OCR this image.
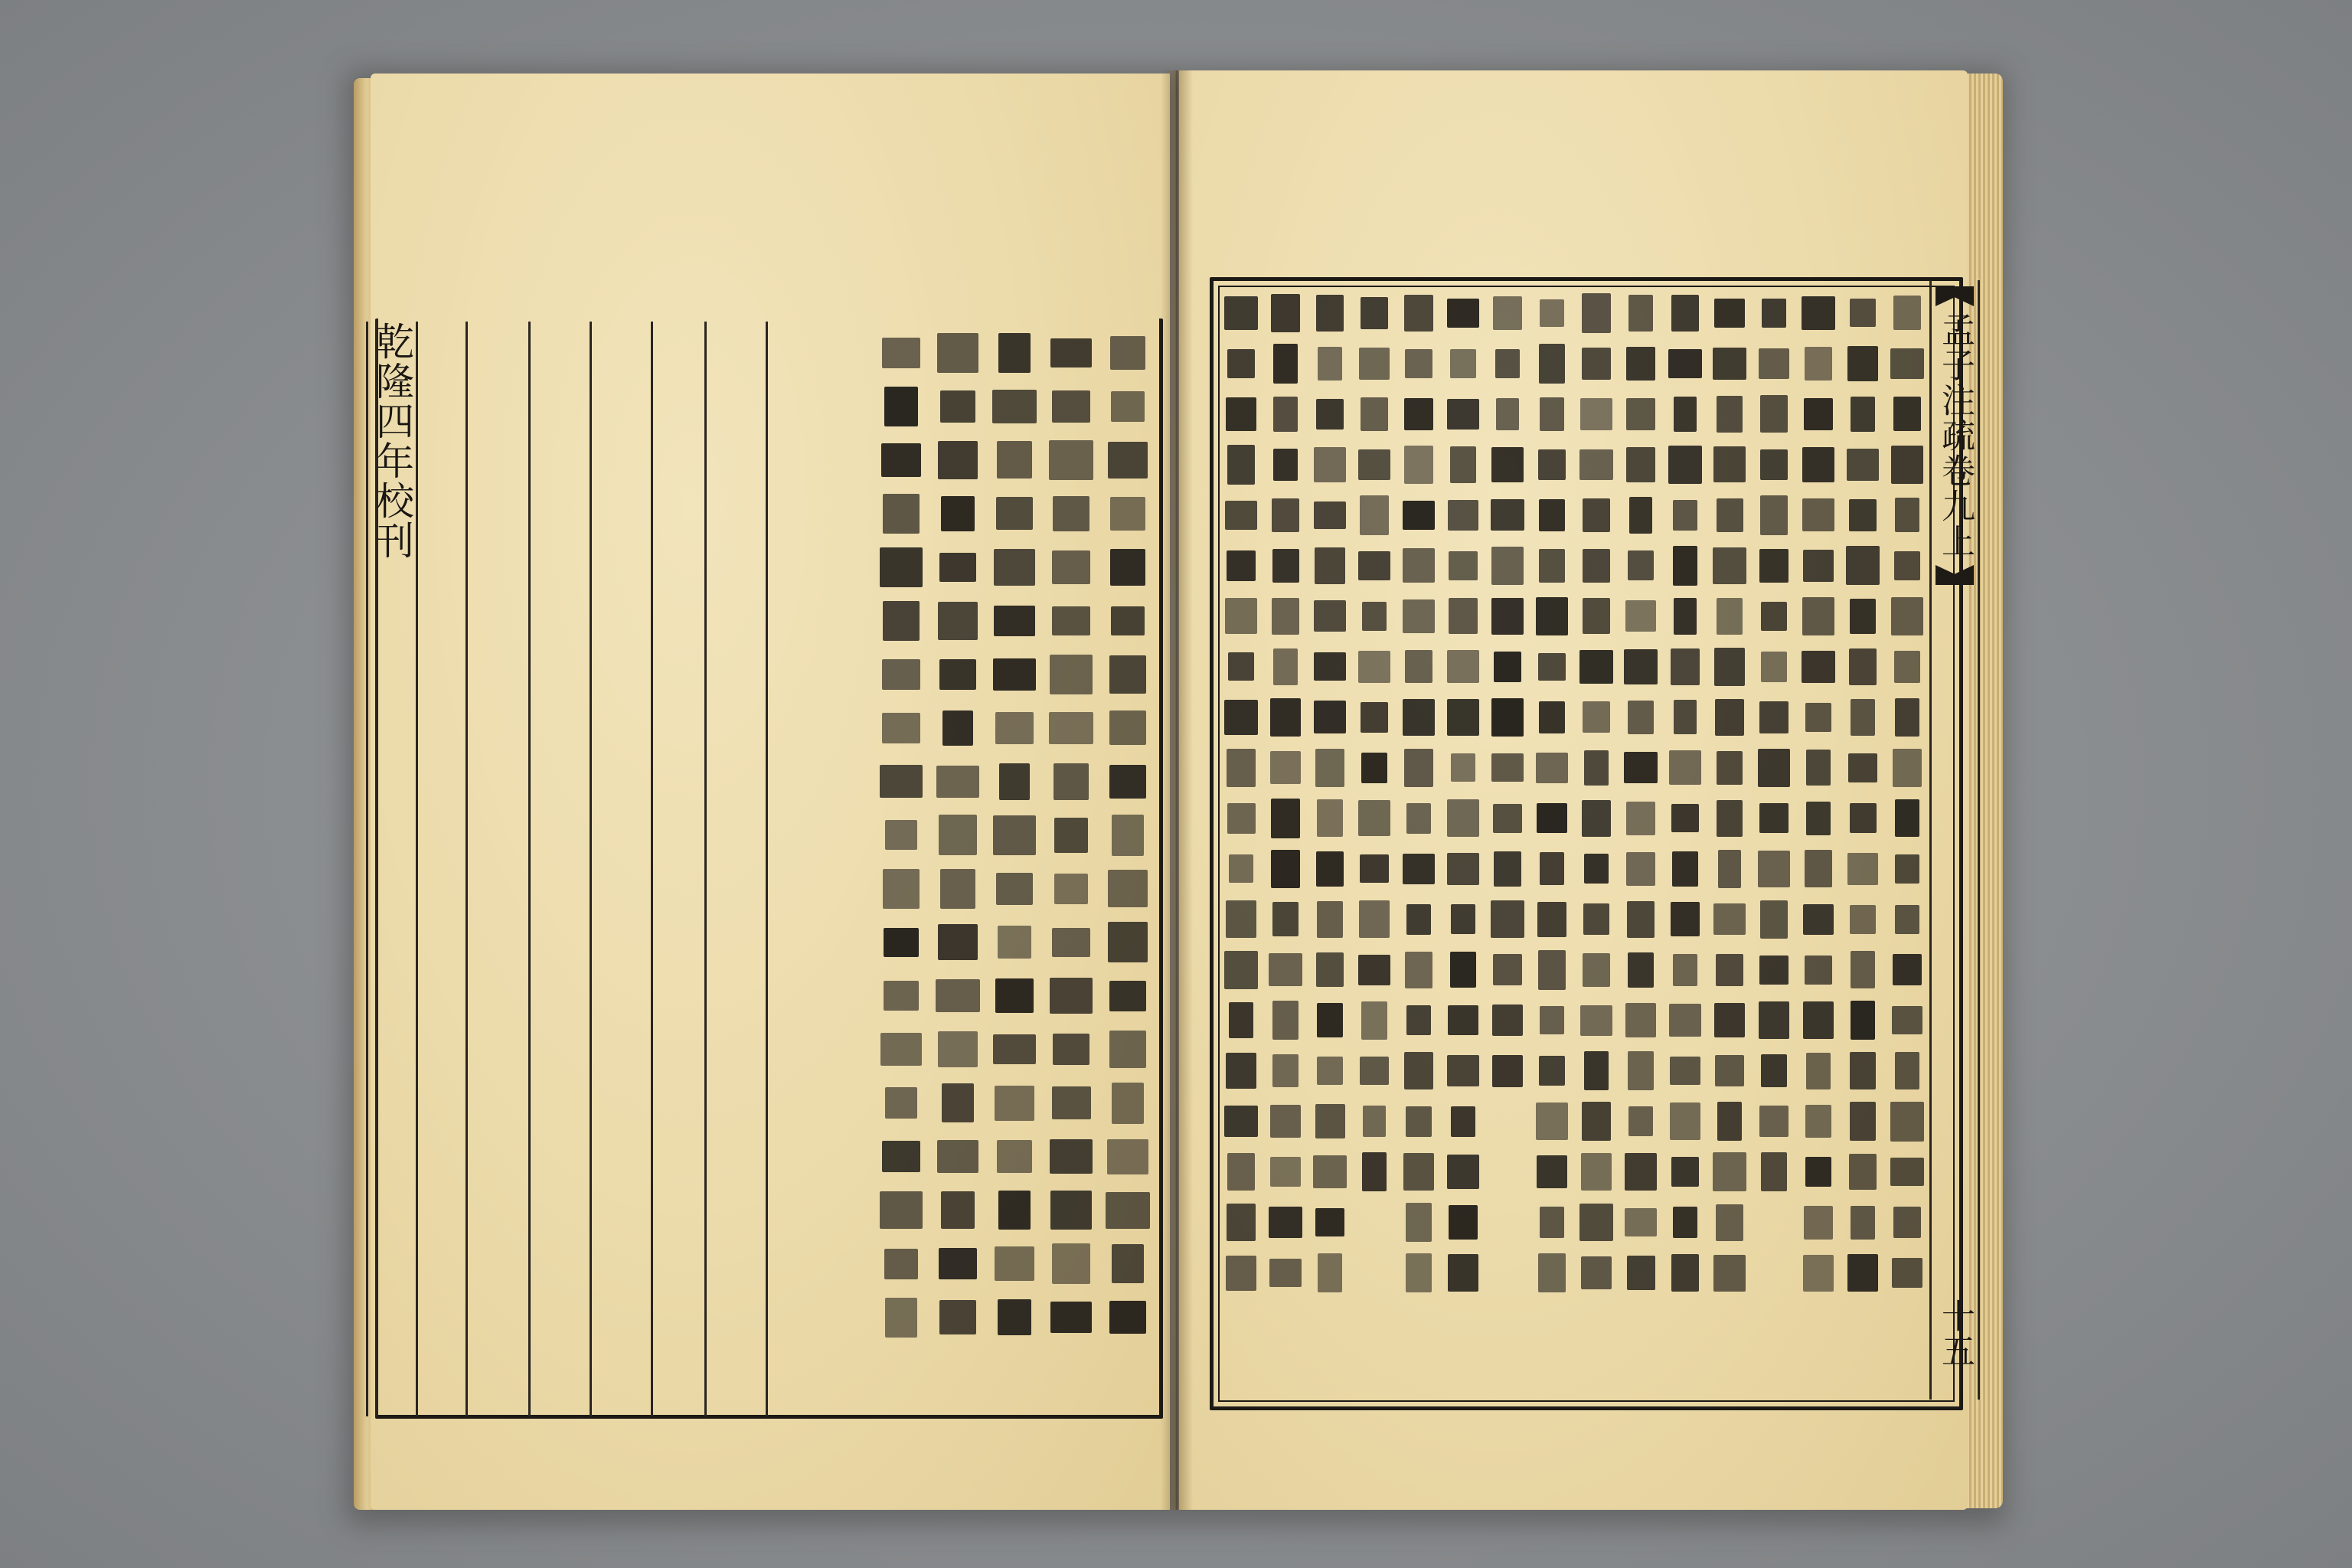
乾隆四年校刊	孟子注疏卷九上
十五
